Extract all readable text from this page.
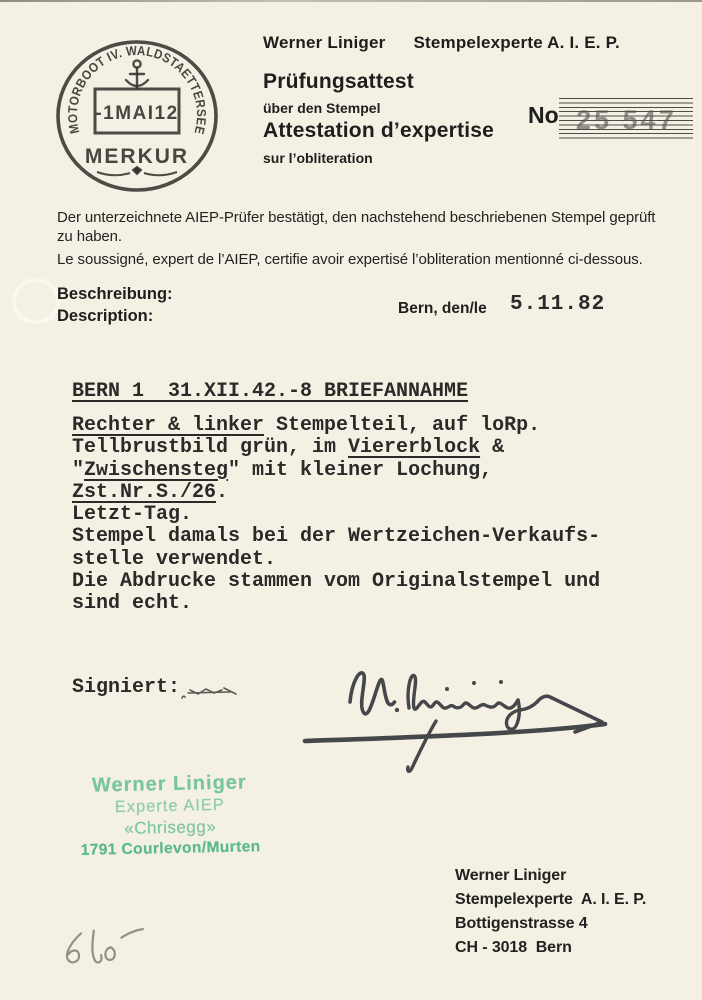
MOTORBOOT IV. WALDSTAETTERSEE
-1MAI12
MERKUR
Werner Liniger Stempelexperte A. I. E. P.
Prüfungsattest
über den Stempel
Attestation d’expertise
sur l’obliteration
No 25 547
Der unterzeichnete AIEP-Prüfer bestätigt, den nachstehend beschriebenen Stempel geprüft
zu haben.
Le soussigné, expert de l’AIEP, certifie avoir expertisé l’obliteration mentionné ci-dessous.
Beschreibung:
Description:	Bern, den/le 5.11.82
BERN 1  31.XII.42.-8 BRIEFANNAHME
Rechter & linker Stempelteil, auf loRp.
Tellbrustbild grün, im Viererblock &
"Zwischensteg" mit kleiner Lochung,
Zst.Nr.S./26.
Letzt-Tag.
Stempel damals bei der Wertzeichen-Verkaufs-
stelle verwendet.
Die Abdrucke stammen vom Originalstempel und
sind echt.
Signiert:
Werner Liniger
Experte AIEP
«Chrisegg»
1791 Courlevon/Murten
Werner Liniger
Stempelexperte  A. I. E. P.
Bottigenstrasse 4
CH - 3018  Bern
